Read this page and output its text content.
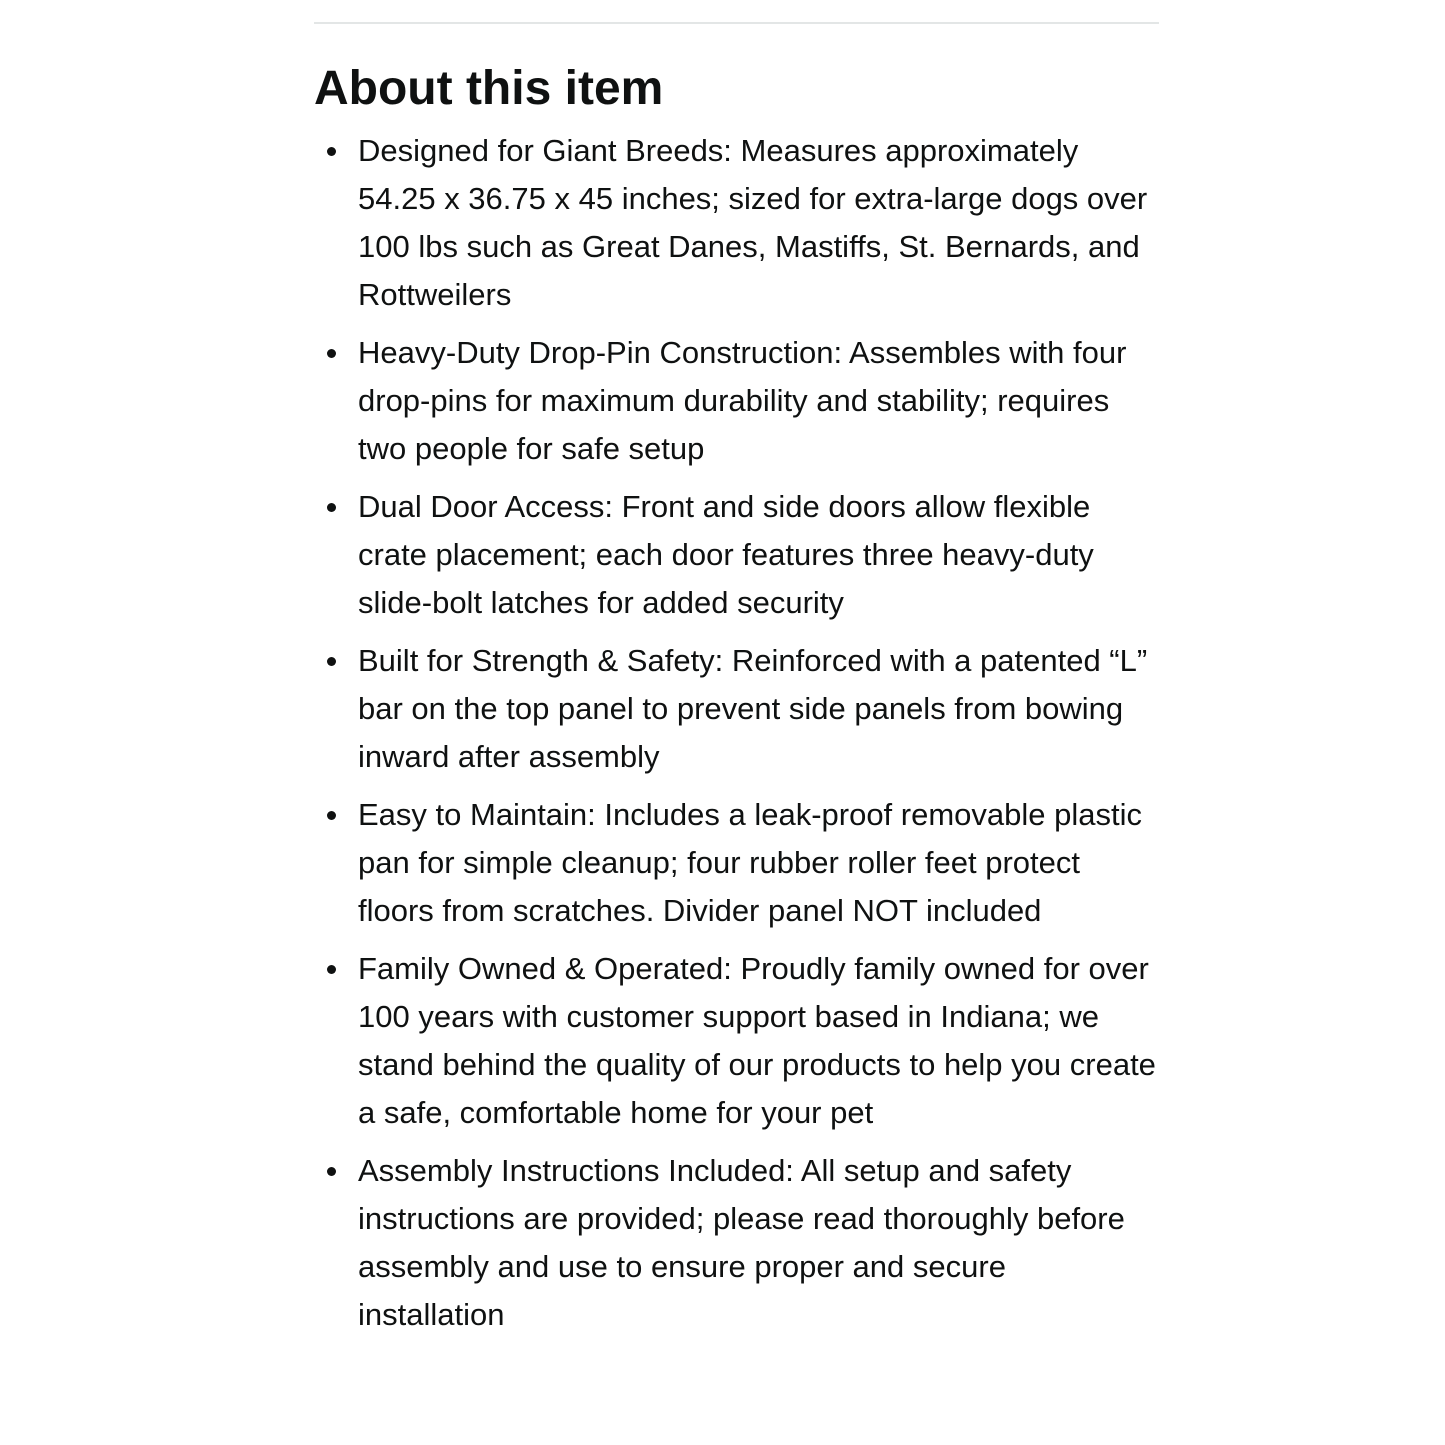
About this item
Designed for Giant Breeds: Measures approximately 54.25 x 36.75 x 45 inches; sized for extra-large dogs over 100 lbs such as Great Danes, Mastiffs, St. Bernards, and Rottweilers
Heavy-Duty Drop-Pin Construction: Assembles with four drop-pins for maximum durability and stability; requires two people for safe setup
Dual Door Access: Front and side doors allow flexible crate placement; each door features three heavy-duty slide-bolt latches for added security
Built for Strength & Safety: Reinforced with a patented “L” bar on the top panel to prevent side panels from bowing inward after assembly
Easy to Maintain: Includes a leak-proof removable plastic pan for simple cleanup; four rubber roller feet protect floors from scratches. Divider panel NOT included
Family Owned & Operated: Proudly family owned for over 100 years with customer support based in Indiana; we stand behind the quality of our products to help you create a safe, comfortable home for your pet
Assembly Instructions Included: All setup and safety instructions are provided; please read thoroughly before assembly and use to ensure proper and secure installation
